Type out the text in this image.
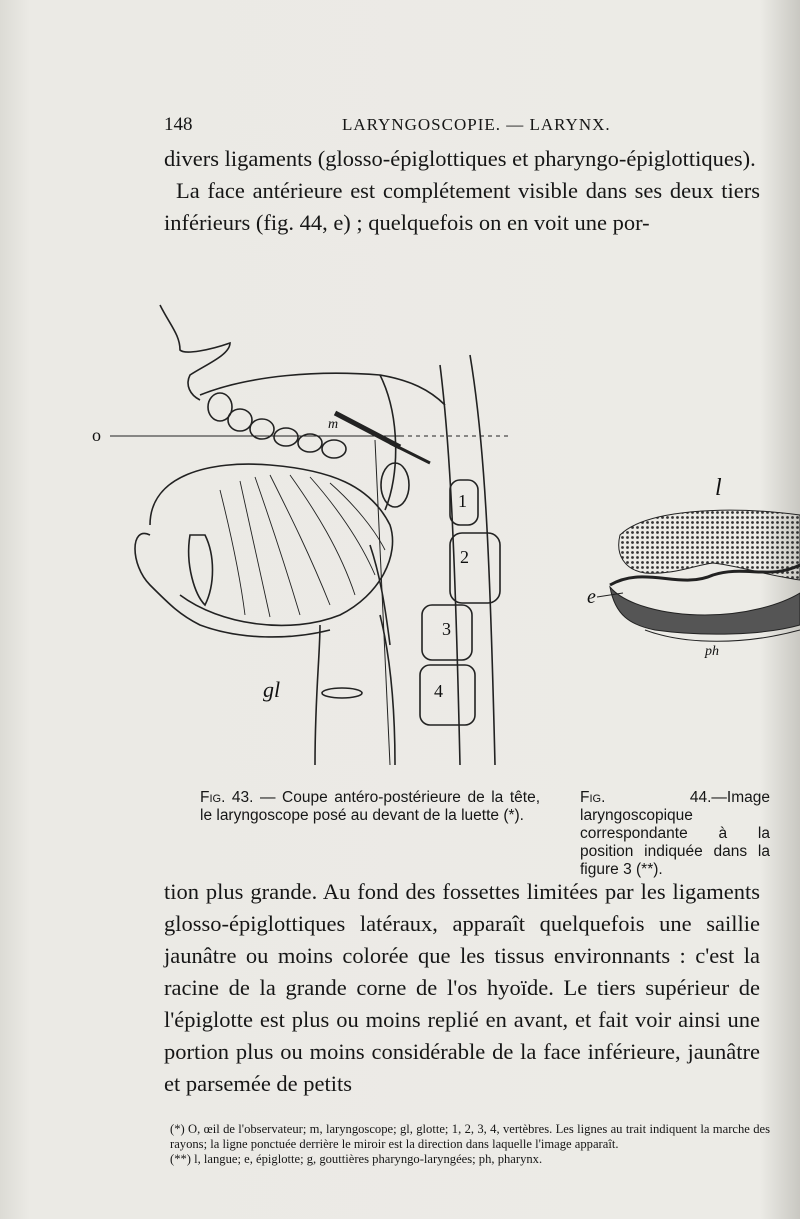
148	LARYNGOSCOPIE. — LARYNX.

divers ligaments (glosso-épiglottiques et pharyngo-épiglottiques).

La face antérieure est complétement visible dans ses deux tiers inférieurs (fig. 44, e) ; quelquefois on en voit une por-

o
m
gl
1
2
3
4
l
e
ph
Fig. 43. — Coupe antéro-postérieure de la tête, le laryngoscope posé au devant de la luette (*).
Fig. 44.—Image laryngoscopique correspondante à la position indiquée dans la figure 3 (**).

tion plus grande. Au fond des fossettes limitées par les ligaments glosso-épiglottiques latéraux, apparaît quelquefois une saillie jaunâtre ou moins colorée que les tissus environnants : c'est la racine de la grande corne de l'os hyoïde. Le tiers supérieur de l'épiglotte est plus ou moins replié en avant, et fait voir ainsi une portion plus ou moins considérable de la face inférieure, jaunâtre et parsemée de petits

(*) O, œil de l'observateur; m, laryngoscope; gl, glotte; 1, 2, 3, 4, vertèbres. Les lignes au trait indiquent la marche des rayons; la ligne ponctuée derrière le miroir est la direction dans laquelle l'image apparaît.

(**) l, langue; e, épiglotte; g, gouttières pharyngo-laryngées; ph, pharynx.
